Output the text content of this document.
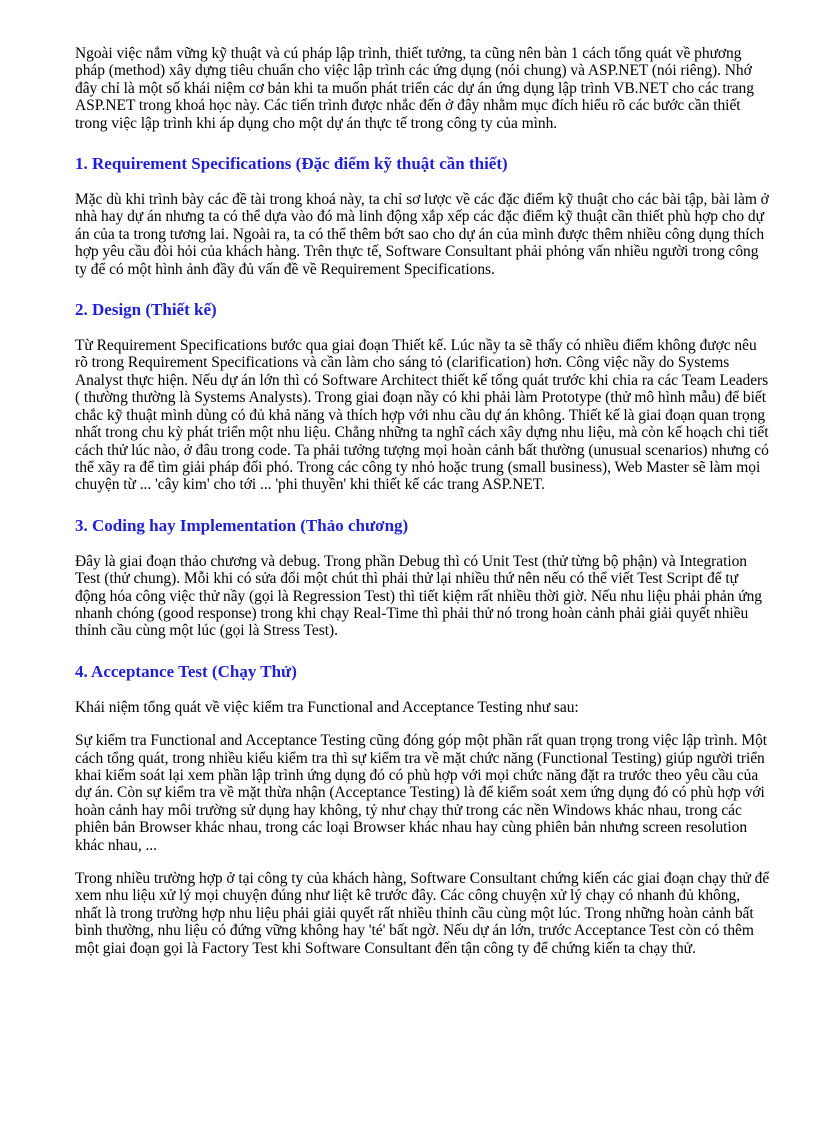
Ngoài việc nắm vững kỹ thuật và cú pháp lập trình, thiết tưởng, ta cũng nên bàn 1 cách tổng quát về phương pháp (method) xây dựng tiêu chuẩn cho việc lập trình các ứng dụng (nói chung) và ASP.NET (nói riêng). Nhớ đây chỉ là một số khái niệm cơ bản khi ta muốn phát triển các dự án ứng dụng lập trình VB.NET cho các trang ASP.NET trong khoá học này. Các tiến trình được nhắc đến ở đây nhằm mục đích hiểu rõ các bước cần thiết trong việc lập trình khi áp dụng cho một dự án thực tế trong công ty của mình.

1. Requirement Specifications (Đặc điểm kỹ thuật cần thiết)

Mặc dù khi trình bày các đề tài trong khoá này, ta chỉ sơ lược về các đặc điểm kỹ thuật cho các bài tập, bài làm ở nhà hay dự án nhưng ta có thể dựa vào đó mà linh động xắp xếp các đặc điểm kỹ thuật cần thiết phù hợp cho dự án của ta trong tương lai. Ngoài ra, ta có thể thêm bớt sao cho dự án của mình được thêm nhiều công dụng thích hợp yêu cầu đòi hỏi của khách hàng. Trên thực tế, Software Consultant phải phỏng vấn nhiều người trong công ty để có một hình ảnh đầy đủ vấn đề về Requirement Specifications.

2. Design (Thiết kế)

Từ Requirement Specifications bước qua giai đoạn Thiết kế. Lúc nầy ta sẽ thấy có nhiều điểm không được nêu rõ trong Requirement Specifications và cần làm cho sáng tỏ (clarification) hơn. Công việc nầy do Systems Analyst thực hiện. Nếu dự án lớn thì có Software Architect thiết kế tổng quát trước khi chia ra các Team Leaders ( thường thường là Systems Analysts). Trong giai đoạn nầy có khi phải làm Prototype (thử mô hình mẫu) để biết chắc kỹ thuật mình dùng có đủ khả năng và thích hợp với nhu cầu dự án không. Thiết kế là giai đoạn quan trọng nhất trong chu kỳ phát triển một nhu liệu. Chẳng những ta nghĩ cách xây dựng nhu liệu, mà còn kế hoạch chi tiết cách thử lúc nào, ở đâu trong code. Ta phải tưởng tượng mọi hoàn cảnh bất thường (unusual scenarios) nhưng có thể xãy ra để tìm giải pháp đối phó. Trong các công ty nhỏ hoặc trung (small business), Web Master sẽ làm mọi chuyện từ ... 'cây kim' cho tới ... 'phi thuyền' khi thiết kế các trang ASP.NET.

3. Coding hay Implementation (Thảo chương)

Đây là giai đoạn thảo chương và debug. Trong phần Debug thì có Unit Test (thử từng bộ phận) và Integration Test (thử chung). Mỗi khi có sửa đổi một chút thì phải thử lại nhiều thứ nên nếu có thể viết Test Script để tự động hóa công việc thử nầy (gọi là Regression Test) thì tiết kiệm rất nhiều thời giờ. Nếu nhu liệu phải phản ứng nhanh chóng (good response) trong khi chạy Real-Time thì phải thử nó trong hoàn cảnh phải giải quyết nhiều thỉnh cầu cùng một lúc (gọi là Stress Test).

4. Acceptance Test (Chạy Thử)

Khái niệm tổng quát về việc kiểm tra Functional and Acceptance Testing như sau:

Sự kiểm tra Functional and Acceptance Testing cũng đóng góp một phần rất quan trọng trong việc lập trình. Một cách tổng quát, trong nhiều kiểu kiểm tra thì sự kiểm tra về mặt chức năng (Functional Testing) giúp người triển khai kiểm soát lại xem phần lập trình ứng dụng đó có phù hợp với mọi chức năng đặt ra trước theo yêu cầu của dự án. Còn sự kiểm tra về mặt thừa nhận (Acceptance Testing) là để kiểm soát xem ứng dụng đó có phù hợp với hoàn cảnh hay môi trường sử dụng hay không, tỷ như chạy thử trong các nền Windows khác nhau, trong các phiên bản Browser khác nhau, trong các loại Browser khác nhau hay cùng phiên bản nhưng screen resolution khác nhau, ...

Trong nhiều trường hợp ở tại công ty của khách hàng, Software Consultant chứng kiến các giai đoạn chạy thử để xem nhu liệu xử lý mọi chuyện đúng như liệt kê trước đây. Các công chuyện xử lý chạy có nhanh đủ không, nhất là trong trường hợp nhu liệu phải giải quyết rất nhiều thỉnh cầu cùng một lúc. Trong những hoàn cảnh bất bình thường, nhu liệu có đứng vững không hay 'té' bất ngờ. Nếu dự án lớn, trước Acceptance Test còn có thêm một giai đoạn gọi là Factory Test khi Software Consultant đến tận công ty để chứng kiến ta chạy thử.
